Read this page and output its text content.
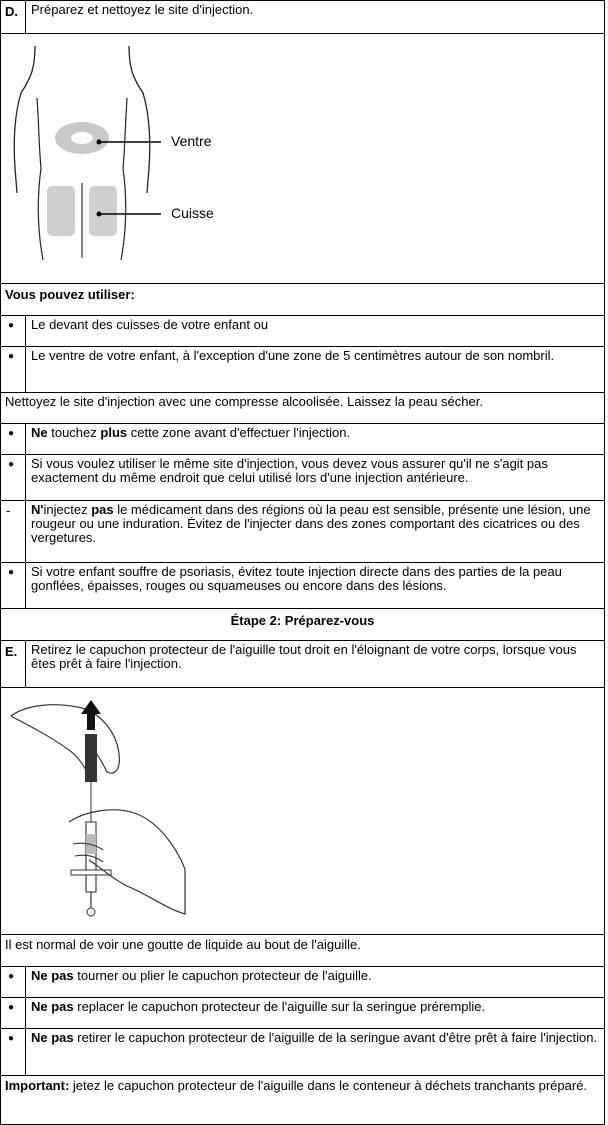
D. Préparez et nettoyez le site d'injection.
Ventre
Cuisse
Vous pouvez utiliser:
● Le devant des cuisses de votre enfant ou
● Le ventre de votre enfant, à l'exception d'une zone de 5 centimètres autour de son nombril.
Nettoyez le site d'injection avec une compresse alcoolisée. Laissez la peau sécher.
● Ne touchez plus cette zone avant d'effectuer l'injection.
● Si vous voulez utiliser le même site d'injection, vous devez vous assurer qu'il ne s'agit pas exactement du même endroit que celui utilisé lors d'une injection antérieure.
- N'injectez pas le médicament dans des régions où la peau est sensible, présente une lésion, une rougeur ou une induration. Évitez de l'injecter dans des zones comportant des cicatrices ou des vergetures.
● Si votre enfant souffre de psoriasis, évitez toute injection directe dans des parties de la peau gonflées, épaisses, rouges ou squameuses ou encore dans des lésions.
Étape 2: Préparez-vous
E. Retirez le capuchon protecteur de l'aiguille tout droit en l'éloignant de votre corps, lorsque vous êtes prêt à faire l'injection.
Il est normal de voir une goutte de liquide au bout de l'aiguille.
● Ne pas tourner ou plier le capuchon protecteur de l'aiguille.
● Ne pas replacer le capuchon protecteur de l'aiguille sur la seringue préremplie.
● Ne pas retirer le capuchon protecteur de l'aiguille de la seringue avant d'être prêt à faire l'injection.
Important: jetez le capuchon protecteur de l'aiguille dans le conteneur à déchets tranchants préparé.
